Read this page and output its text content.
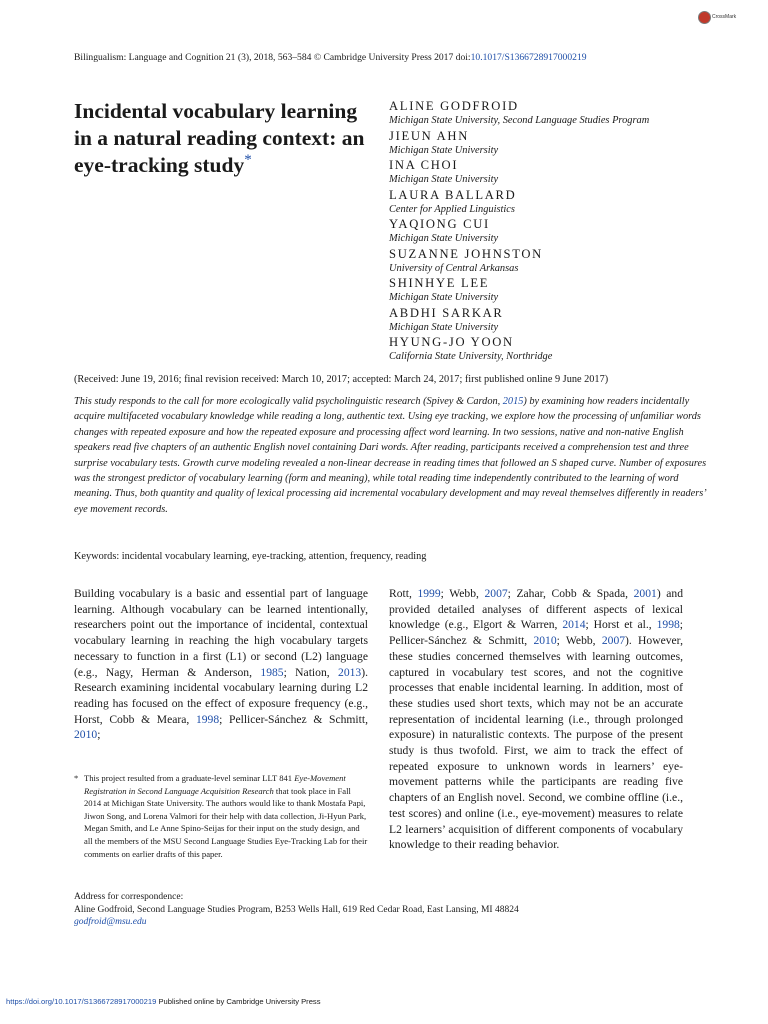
CrossMark
Bilingualism: Language and Cognition 21 (3), 2018, 563–584 © Cambridge University Press 2017 doi:10.1017/S1366728917000219
Incidental vocabulary learning in a natural reading context: an eye-tracking study*
ALINE GODFROID
Michigan State University, Second Language Studies Program
JIEUN AHN
Michigan State University
INA CHOI
Michigan State University
LAURA BALLARD
Center for Applied Linguistics
YAQIONG CUI
Michigan State University
SUZANNE JOHNSTON
University of Central Arkansas
SHINHYE LEE
Michigan State University
ABDHI SARKAR
Michigan State University
HYUNG-JO YOON
California State University, Northridge
(Received: June 19, 2016; final revision received: March 10, 2017; accepted: March 24, 2017; first published online 9 June 2017)

This study responds to the call for more ecologically valid psycholinguistic research (Spivey & Cardon, 2015) by examining how readers incidentally acquire multifaceted vocabulary knowledge while reading a long, authentic text. Using eye tracking, we explore how the processing of unfamiliar words changes with repeated exposure and how the repeated exposure and processing affect word learning. In two sessions, native and non-native English speakers read five chapters of an authentic English novel containing Dari words. After reading, participants received a comprehension test and three surprise vocabulary tests. Growth curve modeling revealed a non-linear decrease in reading times that followed an S shaped curve. Number of exposures was the strongest predictor of vocabulary learning (form and meaning), while total reading time independently contributed to the learning of word meaning. Thus, both quantity and quality of lexical processing aid incremental vocabulary development and may reveal themselves differently in readers’ eye movement records.

Keywords: incidental vocabulary learning, eye-tracking, attention, frequency, reading

Building vocabulary is a basic and essential part of language learning. Although vocabulary can be learned intentionally, researchers point out the importance of incidental, contextual vocabulary learning in reaching the high vocabulary targets necessary to function in a first (L1) or second (L2) language (e.g., Nagy, Herman & Anderson, 1985; Nation, 2013). Research examining incidental vocabulary learning during L2 reading has focused on the effect of exposure frequency (e.g., Horst, Cobb & Meara, 1998; Pellicer-Sánchez & Schmitt, 2010;

Rott, 1999; Webb, 2007; Zahar, Cobb & Spada, 2001) and provided detailed analyses of different aspects of lexical knowledge (e.g., Elgort & Warren, 2014; Horst et al., 1998; Pellicer-Sánchez & Schmitt, 2010; Webb, 2007). However, these studies concerned themselves with learning outcomes, captured in vocabulary test scores, and not the cognitive processes that enable incidental learning. In addition, most of these studies used short texts, which may not be an accurate representation of incidental learning (i.e., through prolonged exposure) in naturalistic contexts. The purpose of the present study is thus twofold. First, we aim to track the effect of repeated exposure to unknown words in learners’ eye-movement patterns while the participants are reading five chapters of an English novel. Second, we combine offline (i.e., test scores) and online (i.e., eye-movement) measures to relate L2 learners’ acquisition of different components of vocabulary knowledge to their reading behavior.

* This project resulted from a graduate-level seminar LLT 841 Eye-Movement Registration in Second Language Acquisition Research that took place in Fall 2014 at Michigan State University. The authors would like to thank Mostafa Papi, Jiwon Song, and Lorena Valmori for their help with data collection, Ji-Hyun Park, Megan Smith, and Le Anne Spino-Seijas for their input on the study design, and all the members of the MSU Second Language Studies Eye-Tracking Lab for their comments on earlier drafts of this paper.
Address for correspondence:
Aline Godfroid, Second Language Studies Program, B253 Wells Hall, 619 Red Cedar Road, East Lansing, MI 48824
godfroid@msu.edu
https://doi.org/10.1017/S1366728917000219 Published online by Cambridge University Press
